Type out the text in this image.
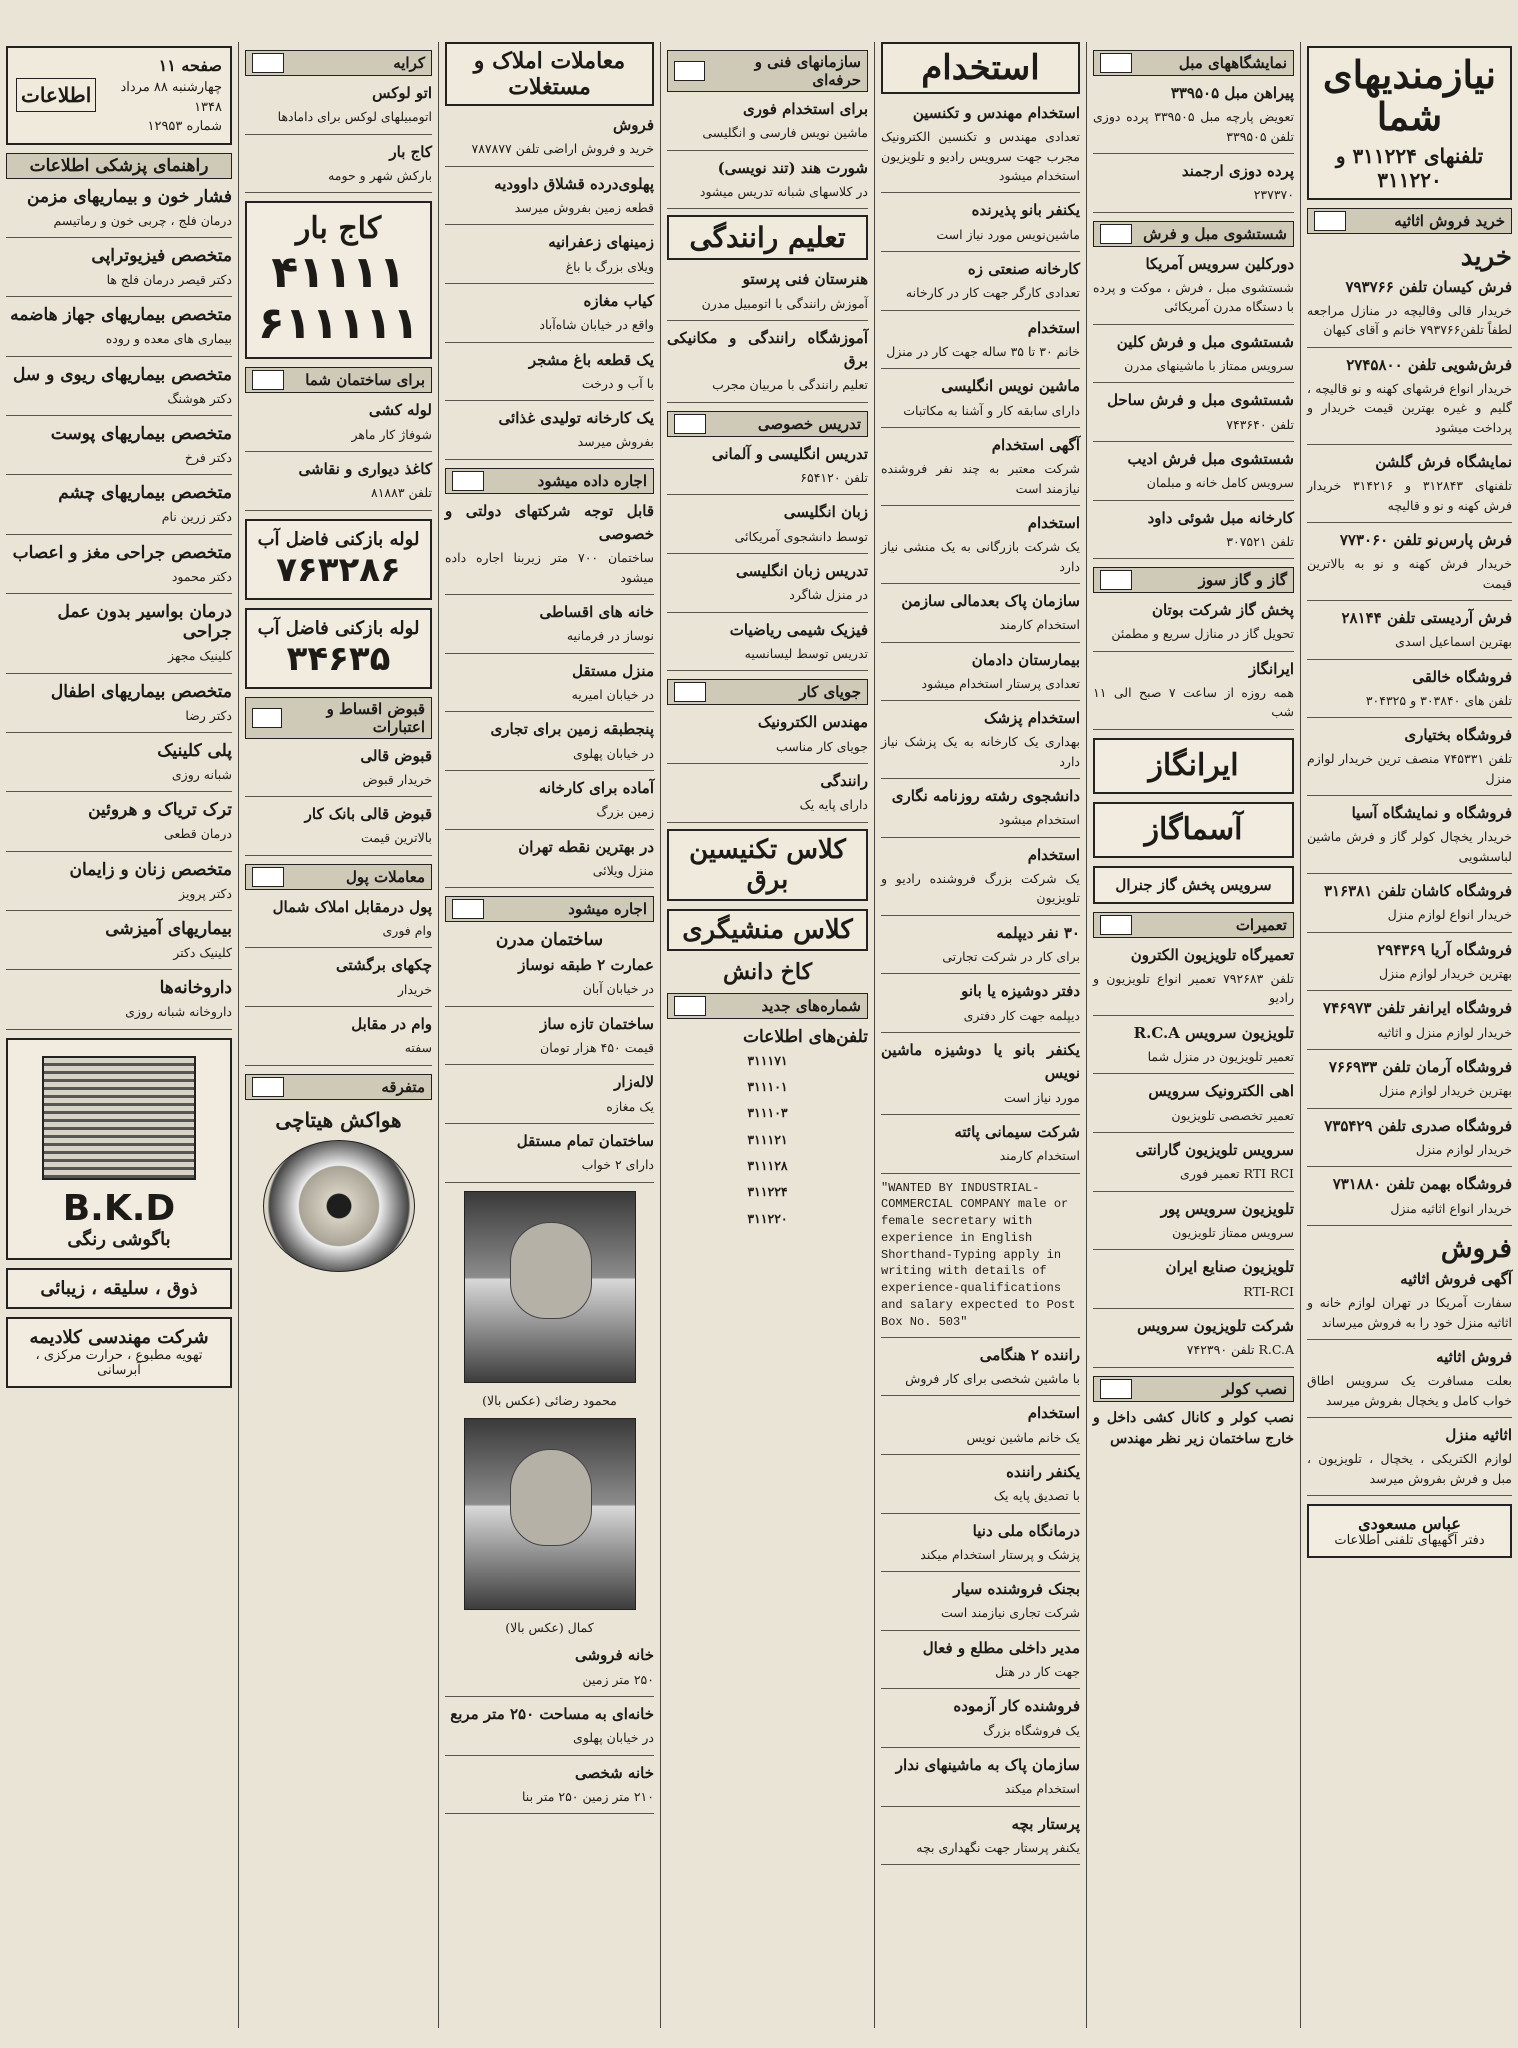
نیازمندیهای شما
تلفنهای ۳۱۱۲۲۴ و ۳۱۱۲۲۰
خرید فروش اثاثیه
خرید
فرش کیسان تلفن ۷۹۳۷۶۶
خریدار قالی وقالیچه در منازل مراجعه لطفاً تلفن۷۹۳۷۶۶ خانم و آقای کیهان
فرش‌شویی تلفن ۲۷۴۵۸۰۰
خریدار انواع فرشهای کهنه و نو قالیچه ، گلیم و غیره بهترین قیمت خریدار و پرداخت میشود
نمایشگاه فرش گلشن
تلفنهای ۳۱۲۸۴۳ و ۳۱۴۲۱۶ خریدار فرش کهنه و نو و قالیچه
فرش پارس‌نو تلفن ۷۷۳۰۶۰
خریدار فرش کهنه و نو به بالاترین قیمت
فرش آردیستی تلفن ۲۸۱۴۴
بهترین اسماعیل اسدی
فروشگاه خالقی
تلفن های ۳۰۳۸۴۰ و ۳۰۴۳۲۵
فروشگاه بختیاری
تلفن ۷۴۵۳۳۱ منصف ترین خریدار لوازم منزل
فروشگاه و نمایشگاه آسیا
خریدار یخچال کولر گاز و فرش ماشین لباسشویی
فروشگاه کاشان تلفن ۳۱۶۳۸۱
خریدار انواع لوازم منزل
فروشگاه آریا ۲۹۴۳۶۹
بهترین خریدار لوازم منزل
فروشگاه ایرانفر تلفن ۷۴۶۹۷۳
خریدار لوازم منزل و اثاثیه
فروشگاه آرمان تلفن ۷۶۶۹۳۳
بهترین خریدار لوازم منزل
فروشگاه صدری تلفن ۷۳۵۴۲۹
خریدار لوازم منزل
فروشگاه بهمن تلفن ۷۳۱۸۸۰
خریدار انواع اثاثیه منزل
فروش
آگهی فروش اثاثیه
سفارت آمریکا در تهران لوازم خانه و اثاثیه منزل خود را به فروش میرساند
فروش اثاثیه
بعلت مسافرت یک سرویس اطاق خواب کامل و یخچال بفروش میرسد
اثاثیه منزل
لوازم الکتریکی ، یخچال ، تلویزیون ، مبل و فرش بفروش میرسد
عباس مسعودی
دفتر آگهیهای تلفنی اطلاعات
نمایشگاههای مبل
پیراهن مبل ۳۳۹۵۰۵
تعویض پارچه مبل ۳۳۹۵۰۵ پرده دوزی تلفن ۳۳۹۵۰۵
پرده دوزی ارجمند
۲۳۷۳۷۰
شستشوی مبل و فرش
دورکلین سرویس آمریکا
شستشوی مبل ، فرش ، موکت و پرده با دستگاه مدرن آمریکائی
شستشوی مبل و فرش کلین
سرویس ممتاز با ماشینهای مدرن
شستشوی مبل و فرش ساحل
تلفن ۷۴۳۶۴۰
شستشوی مبل فرش ادیب
سرویس کامل خانه و مبلمان
کارخانه مبل شوئی داود
تلفن ۳۰۷۵۲۱
گاز و گاز سوز
پخش گاز شرکت بوتان
تحویل گاز در منازل سریع و مطمئن
ایرانگاز
همه روزه از ساعت ۷ صبح الی ۱۱ شب
ایرانگاز
آسماگاز
سرویس پخش گاز جنرال
تعمیرات
تعمیرگاه تلویزیون الکترون
تلفن ۷۹۲۶۸۳ تعمیر انواع تلویزیون و رادیو
تلویزیون سرویس R.C.A
تعمیر تلویزیون در منزل شما
اهی الکترونیک سرویس
تعمیر تخصصی تلویزیون
سرویس تلویزیون گارانتی
RTI RCI تعمیر فوری
تلویزیون سرویس پور
سرویس ممتاز تلویزیون
تلویزیون صنایع ایران
RTI-RCI
شرکت تلویزیون سرویس
R.C.A تلفن ۷۴۲۳۹۰
نصب کولر
نصب کولر و کانال کشی داخل و خارج ساختمان زیر نظر مهندس
استخدام
استخدام مهندس و تکنسین
تعدادی مهندس و تکنسین الکترونیک مجرب جهت سرویس رادیو و تلویزیون استخدام میشود
یکنفر بانو پذیرنده
ماشین‌نویس مورد نیاز است
کارخانه صنعتی زه
تعدادی کارگر جهت کار در کارخانه
استخدام
خانم ۳۰ تا ۳۵ ساله جهت کار در منزل
ماشین نویس انگلیسی
دارای سابقه کار و آشنا به مکاتبات
آگهی استخدام
شرکت معتبر به چند نفر فروشنده نیازمند است
استخدام
یک شرکت بازرگانی به یک منشی نیاز دارد
سازمان پاک بعدمالی سازمن
استخدام کارمند
بیمارستان دادمان
تعدادی پرستار استخدام میشود
استخدام پزشک
بهداری یک کارخانه به یک پزشک نیاز دارد
دانشجوی رشته روزنامه نگاری
استخدام میشود
استخدام
یک شرکت بزرگ فروشنده رادیو و تلویزیون
۳۰ نفر دیپلمه
برای کار در شرکت تجارتی
دفتر دوشیزه یا بانو
دیپلمه جهت کار دفتری
یکنفر بانو یا دوشیزه ماشین نویس
مورد نیاز است
شرکت سیمانی پائته
استخدام کارمند
"WANTED BY INDUSTRIAL-COMMERCIAL COMPANY male or female secretary with experience in English Shorthand-Typing apply in writing with details of experience-qualifications and salary expected to Post Box No. 503"
راننده ۲ هنگامی
با ماشین شخصی برای کار فروش
استخدام
یک خانم ماشین نویس
یکنفر راننده
با تصدیق پایه یک
درمانگاه ملی دنیا
پزشک و پرستار استخدام میکند
بجنک فروشنده سیار
شرکت تجاری نیازمند است
مدیر داخلی مطلع و فعال
جهت کار در هتل
فروشنده کار آزموده
یک فروشگاه بزرگ
سازمان پاک به ماشینهای ندار
استخدام میکند
پرستار بچه
یکنفر پرستار جهت نگهداری بچه
سازمانهای فنی و حرفه‌ای
برای استخدام فوری
ماشین نویس فارسی و انگلیسی
شورت هند (تند نویسی)
در کلاسهای شبانه تدریس میشود
تعلیم رانندگی
هنرستان فنی پرستو
آموزش رانندگی با اتومبیل مدرن
آموزشگاه رانندگی و مکانیکی برق
تعلیم رانندگی با مربیان مجرب
تدریس خصوصی
تدریس انگلیسی و آلمانی
تلفن ۶۵۴۱۲۰
زبان انگلیسی
توسط دانشجوی آمریکائی
تدریس زبان انگلیسی
در منزل شاگرد
فیزیک شیمی ریاضیات
تدریس توسط لیسانسیه
جویای کار
مهندس الکترونیک
جویای کار مناسب
رانندگی
دارای پایه یک
کلاس تکنیسین برق
کلاس منشیگری
کاخ دانش
شماره‌های جدید
تلفن‌های اطلاعات
۳۱۱۱۷۱
۳۱۱۱۰۱
۳۱۱۱۰۳
۳۱۱۱۲۱
۳۱۱۱۲۸
۳۱۱۲۲۴
۳۱۱۲۲۰
معاملات املاک و مستغلات
فروش
خرید و فروش اراضی تلفن ۷۸۷۸۷۷
پهلوی‌درده قشلاق داوودیه
قطعه زمین بفروش میرسد
زمینهای زعفرانیه
ویلای بزرگ با باغ
کیاب مغازه
واقع در خیابان شاه‌آباد
یک قطعه باغ مشجر
با آب و درخت
یک کارخانه تولیدی غذائی
بفروش میرسد
اجاره داده میشود
قابل توجه شرکتهای دولتی و خصوصی
ساختمان ۷۰۰ متر زیربنا اجاره داده میشود
خانه های اقساطی
نوساز در فرمانیه
منزل مستقل
در خیابان امیریه
پنجطبقه زمین برای تجاری
در خیابان پهلوی
آماده برای کارخانه
زمین بزرگ
در بهترین نقطه تهران
منزل ویلائی
اجاره میشود
ساختمان مدرن
عمارت ۲ طبقه نوساز
در خیابان آبان
ساختمان تازه ساز
قیمت ۴۵۰ هزار تومان
لاله‌زار
یک مغازه
ساختمان تمام مستقل
دارای ۲ خواب
محمود رضائی (عکس بالا)
کمال (عکس بالا)
خانه فروشی
۲۵۰ متر زمین
خانه‌ای به مساحت ۲۵۰ متر مربع
در خیابان پهلوی
خانه شخصی
۲۱۰ متر زمین ۲۵۰ متر بنا
کرایه
اتو لوکس
اتومبیلهای لوکس برای دامادها
کاج بار
بارکش شهر و حومه
کاج بار
۴۱۱۱۱
۶۱۱۱۱۱
برای ساختمان شما
لوله کشی
شوفاژ کار ماهر
کاغذ دیواری و نقاشی
تلفن ۸۱۸۸۳
لوله بازکنی فاضل آب
۷۶۳۲۸۶
لوله بازکنی فاضل آب
۳۴۶۳۵
قبوض اقساط و اعتبارات
قبوض قالی
خریدار قبوض
قبوض قالی بانک کار
بالاترین قیمت
معاملات پول
پول درمقابل املاک شمال
وام فوری
چکهای برگشتی
خریدار
وام در مقابل
سفته
متفرقه
هواکش هیتاچی
صفحه ۱۱
چهارشنبه ۸۸ مرداد ۱۳۴۸
شماره ۱۲۹۵۳
اطلاعات
راهنمای پزشکی اطلاعات
فشار خون و بیماریهای مزمن
درمان فلج ، چربی خون و رماتیسم
متخصص فیزیوتراپی
دکتر قیصر درمان فلج ها
متخصص بیماریهای جهاز هاضمه
بیماری های معده و روده
متخصص بیماریهای ریوی و سل
دکتر هوشنگ
متخصص بیماریهای پوست
دکتر فرخ
متخصص بیماریهای چشم
دکتر زرین نام
متخصص جراحی مغز و اعصاب
دکتر محمود
درمان بواسیر بدون عمل جراحی
کلینیک مجهز
متخصص بیماریهای اطفال
دکتر رضا
پلی کلینیک
شبانه روزی
ترک تریاک و هروئین
درمان قطعی
متخصص زنان و زایمان
دکتر پرویز
بیماریهای آمیزشی
کلینیک دکتر
داروخانه‌ها
داروخانه شبانه روزی
B.K.D
باگوشی رنگی
ذوق ، سلیقه ، زیبائی
شرکت مهندسی کلادیمه
تهویه مطبوع ، حرارت مرکزی ، آبرسانی
